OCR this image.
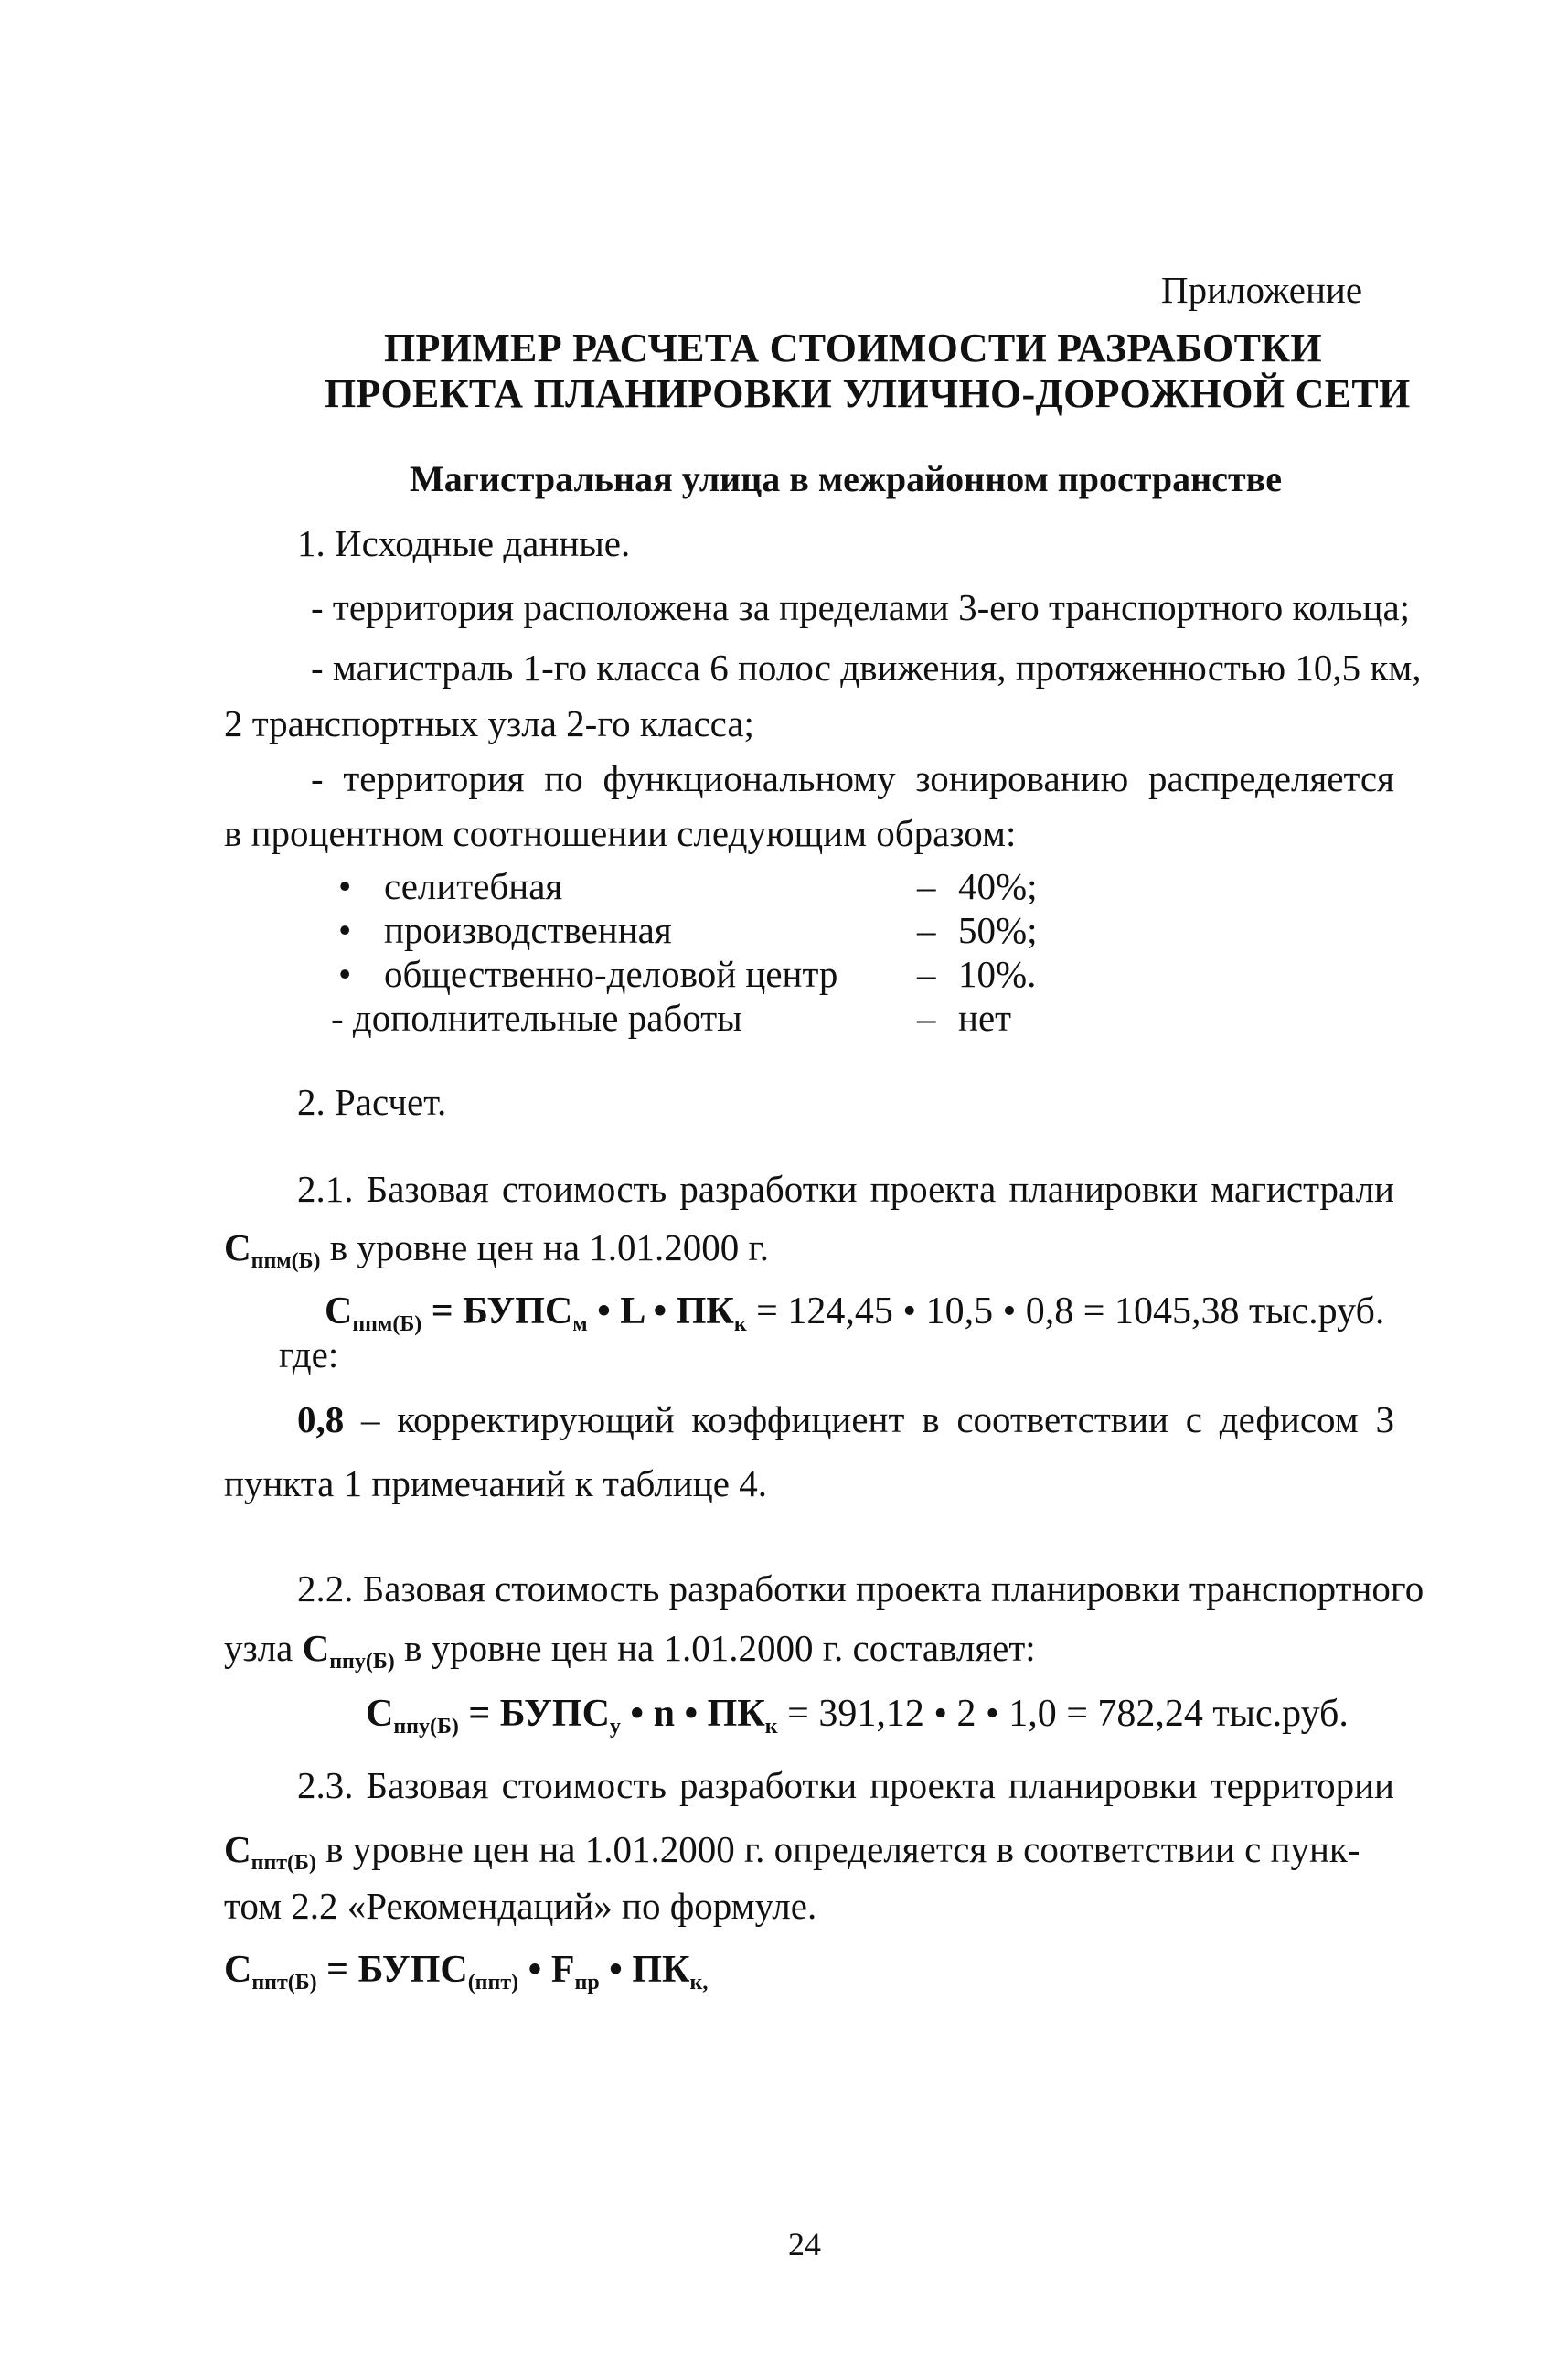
Приложение
ПРИМЕР РАСЧЕТА СТОИМОСТИ РАЗРАБОТКИ
ПРОЕКТА ПЛАНИРОВКИ УЛИЧНО-ДОРОЖНОЙ СЕТИ
Магистральная улица в межрайонном пространстве
1. Исходные данные.
- территория расположена за пределами 3-его транспортного кольца;
- магистраль 1-го класса 6 полос движения, протяженностью 10,5 км,
2 транспортных узла 2-го класса;
- территория по функциональному зонированию распределяется
в процентном соотношении следующим образом:
• селитебная	– 40%;
• производственная	– 50%;
• общественно-деловой центр – 10%.
- дополнительные работы	– нет
2. Расчет.
2.1. Базовая стоимость разработки проекта планировки магистрали
$С_{ппм(Б)}$ в уровне цен на 1.01.2000 г.
$С_{ппм(Б)}$ = $БУПС_м$ • L • $ПК_к = 124,45$ • 10,5 • 0,8 = 1045,38 тыс.руб.
где:
0,8 – корректирующий коэффициент в соответствии с дефисом 3
пункта 1 примечаний к таблице 4.
2.2. Базовая стоимость разработки проекта планировки транспортного
узла $С_{ппу(Б)}$ в уровне цен на 1.01.2000 г. составляет:
$С_{ппу(Б)}$ = $БУПС_у$ • n • $ПК_к = 391,12$ • 2 • 1,0 = 782,24 тыс.руб.
2.3. Базовая стоимость разработки проекта планировки территории
$С_{ппт(Б)}$ в уровне цен на 1.01.2000 г. определяется в соответствии с пунк-
том 2.2 «Рекомендаций» по формуле.
$С_{ппт(Б)}$ = $БУПС_{(ппт)}$ • $F_{пр}$ • $ПК_{к,}$
24
